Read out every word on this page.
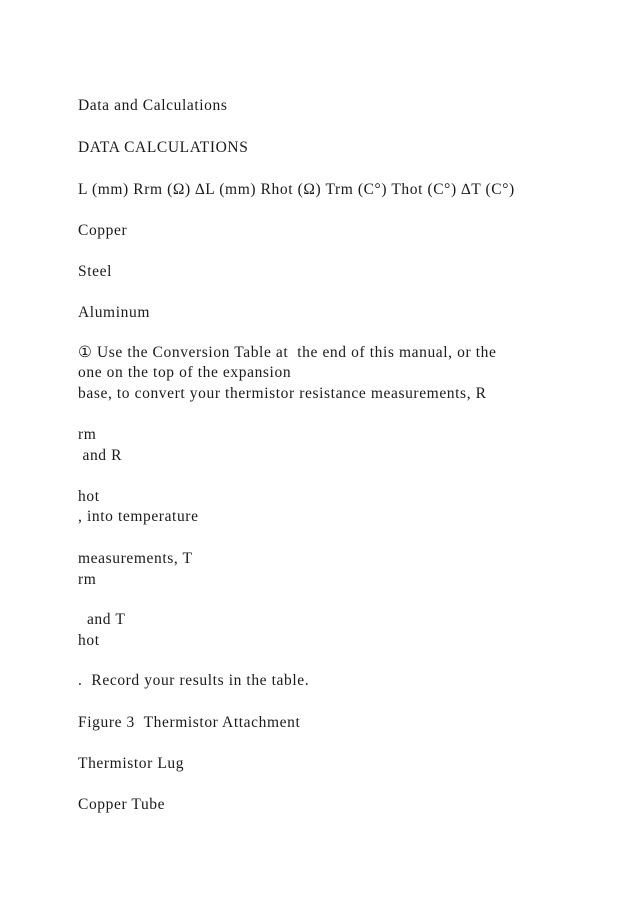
Data and Calculations
DATA CALCULATIONS
L (mm) Rrm (Ω) ∆L (mm) Rhot (Ω) Trm (C°) Thot (C°) ∆T (C°)
Copper
Steel
Aluminum
① Use the Conversion Table at  the end of this manual, or the
one on the top of the expansion
base, to convert your thermistor resistance measurements, R
rm
and R
hot
, into temperature
measurements, T
rm
and T
hot
.  Record your results in the table.
Figure 3  Thermistor Attachment
Thermistor Lug
Copper Tube
